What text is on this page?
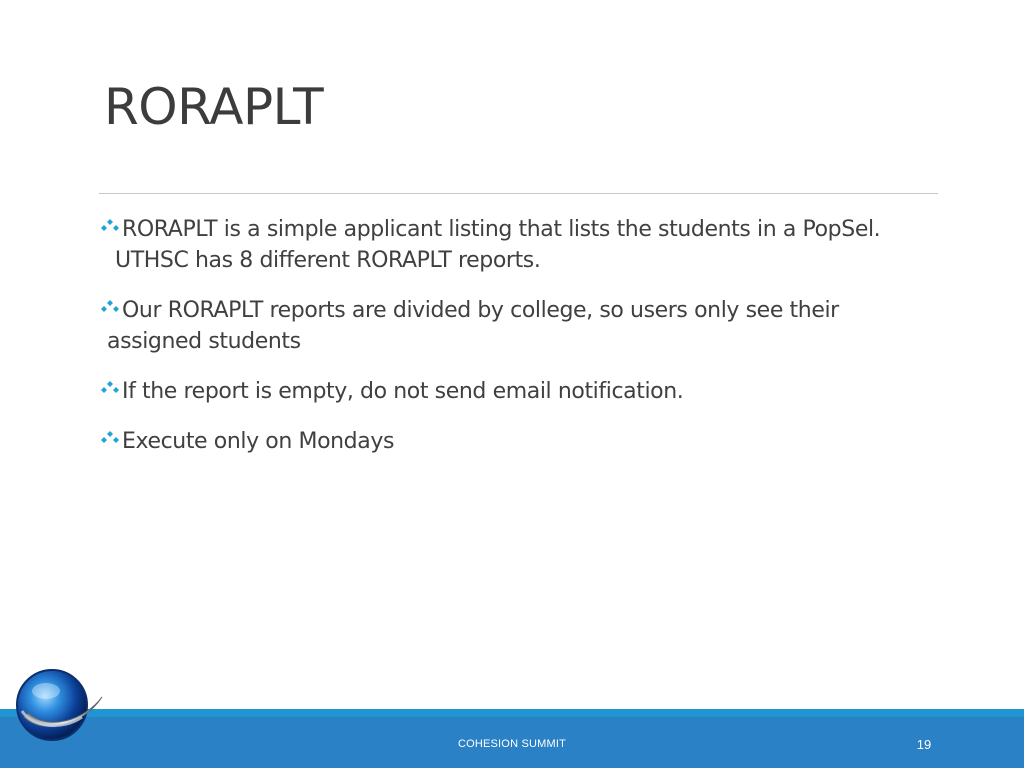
RORAPLT
RORAPLT is a simple applicant listing that lists the students in a PopSel.
UTHSC has 8 different RORAPLT reports.
Our RORAPLT reports are divided by college, so users only see their
assigned students
If the report is empty, do not send email notification.
Execute only on Mondays
COHESION SUMMIT	19
